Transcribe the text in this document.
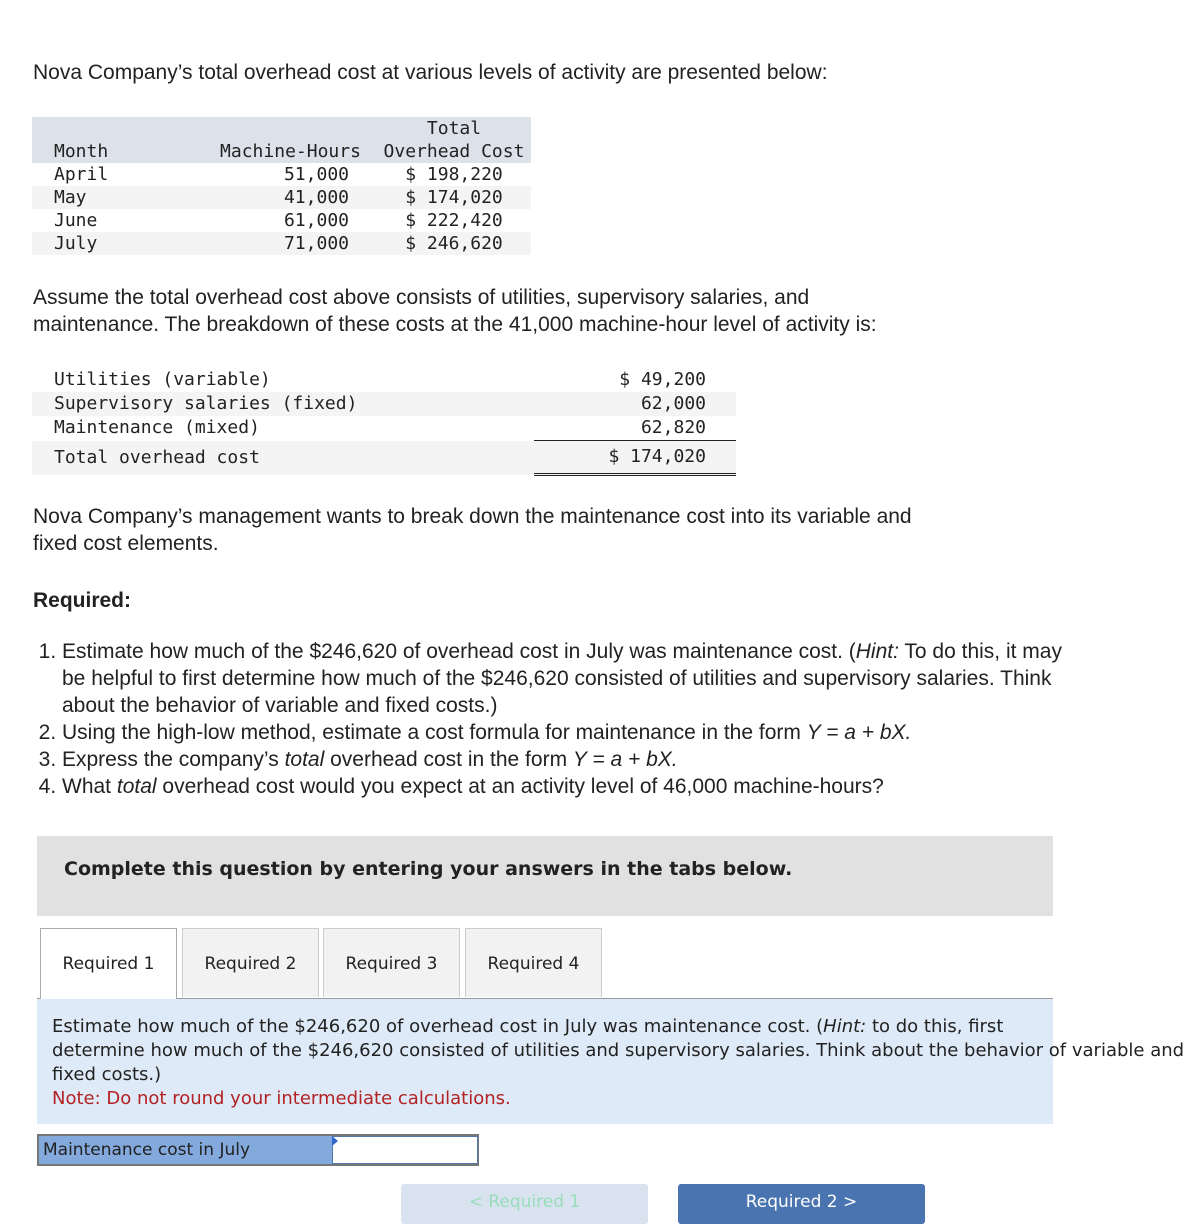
Nova Company’s total overhead cost at various levels of activity are presented below:

		Total
Month	Machine-Hours	Overhead Cost
April	51,000	$ 198,220
May	41,000	$ 174,020
June	61,000	$ 222,420
July	71,000	$ 246,620

Assume the total overhead cost above consists of utilities, supervisory salaries, and

maintenance. The breakdown of these costs at the 41,000 machine-hour level of activity is:

Utilities (variable)	$ 49,200
Supervisory salaries (fixed)	62,000
Maintenance (mixed)	62,820
Total overhead cost	$ 174,020

Nova Company’s management wants to break down the maintenance cost into its variable and

fixed cost elements.

Required:

1. Estimate how much of the $246,620 of overhead cost in July was maintenance cost. (Hint: To do this, it may be helpful to first determine how much of the $246,620 consisted of utilities and supervisory salaries. Think about the behavior of variable and fixed costs.)
2. Using the high-low method, estimate a cost formula for maintenance in the form Y = a + bX.
3. Express the company’s total overhead cost in the form Y = a + bX.
4. What total overhead cost would you expect at an activity level of 46,000 machine-hours?
Complete this question by entering your answers in the tabs below.
Required 1	Required 2	Required 3	Required 4

Estimate how much of the $246,620 of overhead cost in July was maintenance cost. (Hint: to do this, first
determine how much of the $246,620 consisted of utilities and supervisory salaries. Think about the behavior of variable and
fixed costs.)
Note: Do not round your intermediate calculations.

Maintenance cost in July
< Required 1	Required 2 >
